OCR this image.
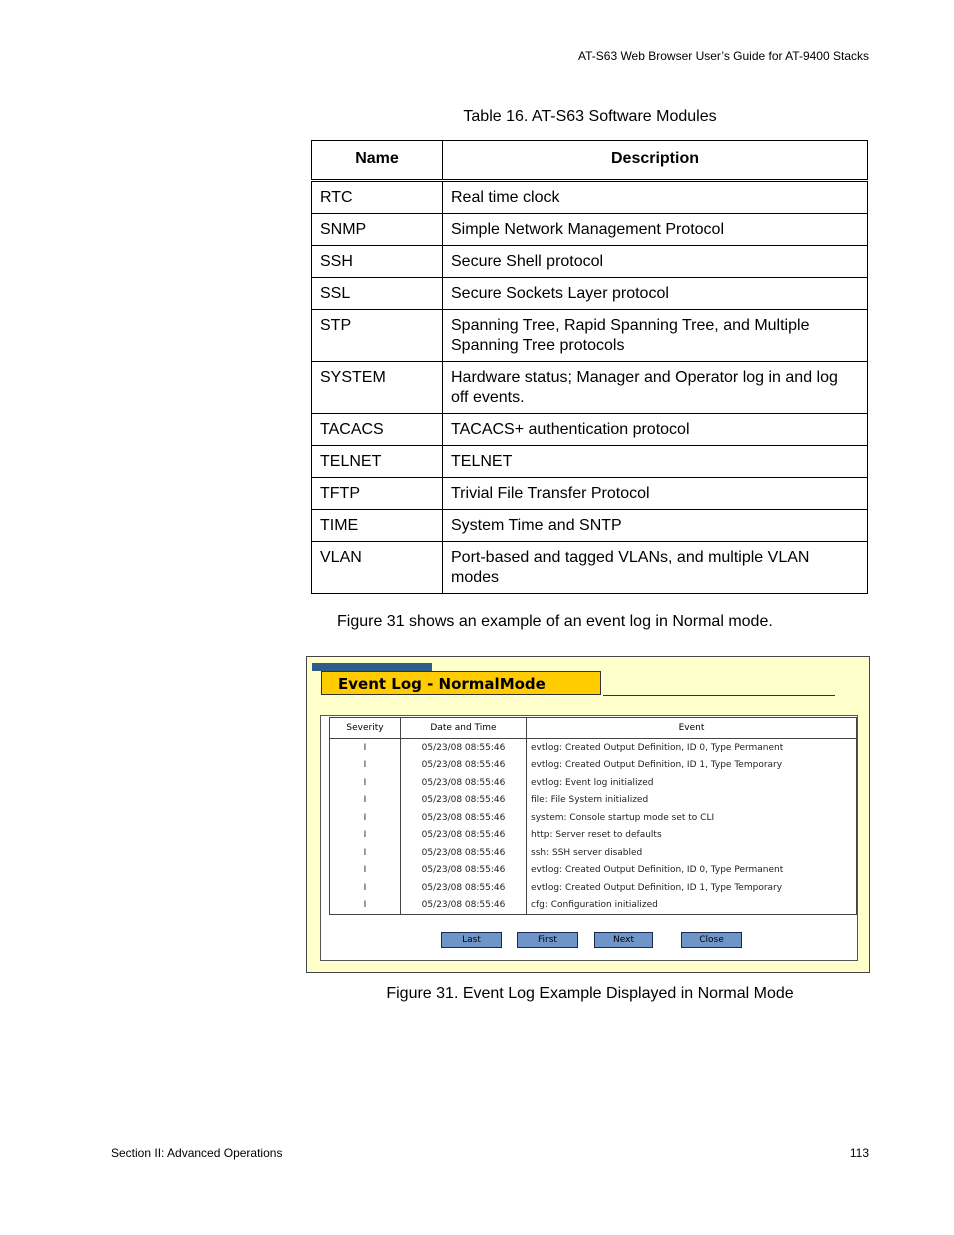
AT-S63 Web Browser User’s Guide for AT-9400 Stacks
Table 16. AT-S63 Software Modules
Name	Description
RTC	Real time clock
SNMP	Simple Network Management Protocol
SSH	Secure Shell protocol
SSL	Secure Sockets Layer protocol
STP	Spanning Tree, Rapid Spanning Tree, and Multiple Spanning Tree protocols
SYSTEM	Hardware status; Manager and Operator log in and log off events.
TACACS	TACACS+ authentication protocol
TELNET	TELNET
TFTP	Trivial File Transfer Protocol
TIME	System Time and SNTP
VLAN	Port-based and tagged VLANs, and multiple VLAN modes
Figure 31 shows an example of an event log in Normal mode.
Event Log - NormalMode
Severity	Date and Time	Event
I	05/23/08 08:55:46	evtlog: Created Output Definition, ID 0, Type Permanent
I	05/23/08 08:55:46	evtlog: Created Output Definition, ID 1, Type Temporary
I	05/23/08 08:55:46	evtlog: Event log initialized
I	05/23/08 08:55:46	file: File System initialized
I	05/23/08 08:55:46	system: Console startup mode set to CLI
I	05/23/08 08:55:46	http: Server reset to defaults
I	05/23/08 08:55:46	ssh: SSH server disabled
I	05/23/08 08:55:46	evtlog: Created Output Definition, ID 0, Type Permanent
I	05/23/08 08:55:46	evtlog: Created Output Definition, ID 1, Type Temporary
I	05/23/08 08:55:46	cfg: Configuration initialized
Last	First	Next	Close
Figure 31. Event Log Example Displayed in Normal Mode
Section II: Advanced Operations	113
